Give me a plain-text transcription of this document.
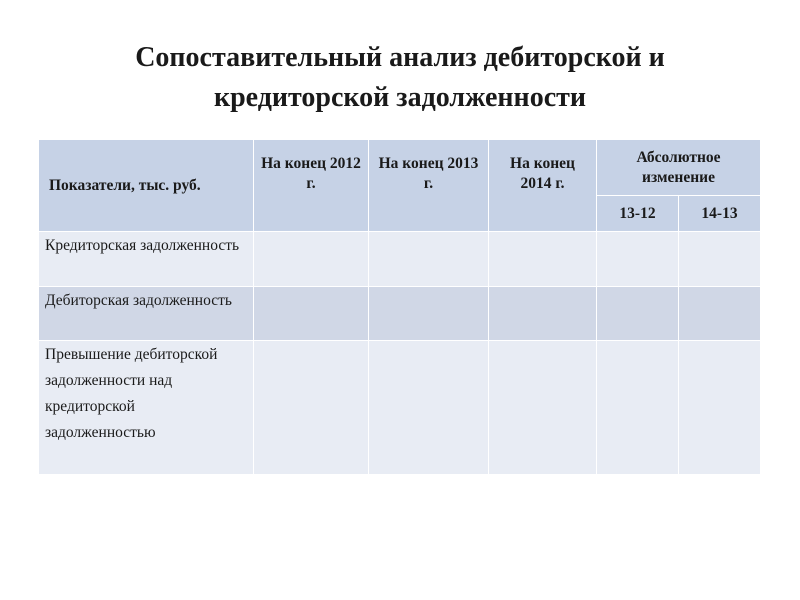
Сопоставительный анализ дебиторской и
кредиторской задолженности
Показатели, тыс. руб.	На конец 2012 г.	На конец 2013 г.	На конец 2014 г.	Абсолютное изменение	
				13-12	14-13
Кредиторская задолженность					
Дебиторская задолженность					
Превышение дебиторской задолженности над кредиторской задолженностью					
